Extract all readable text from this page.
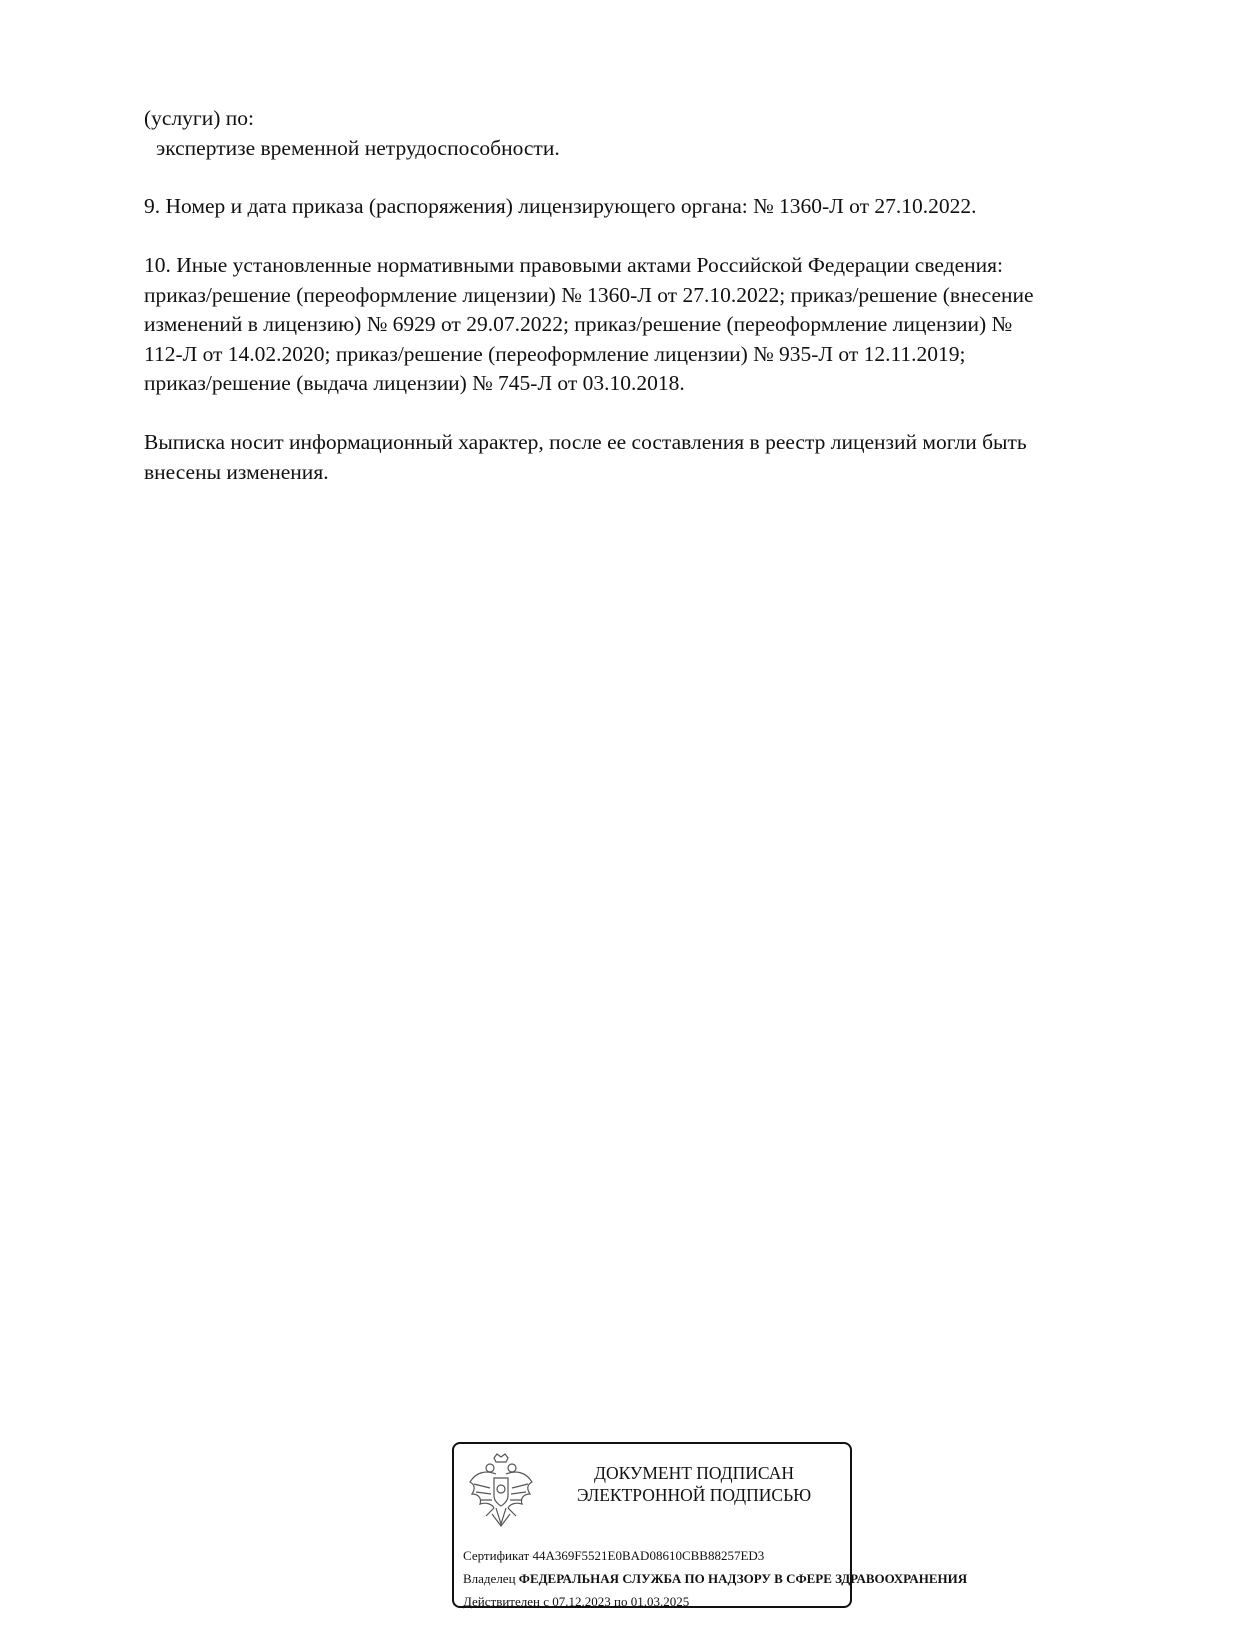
(услуги) по:
экспертизе временной нетрудоспособности.
9. Номер и дата приказа (распоряжения) лицензирующего органа: № 1360-Л от 27.10.2022.
10. Иные установленные нормативными правовыми актами Российской Федерации сведения:
приказ/решение (переоформление лицензии) № 1360-Л от 27.10.2022; приказ/решение (внесение
изменений в лицензию) № 6929 от 29.07.2022; приказ/решение (переоформление лицензии) №
112-Л от 14.02.2020; приказ/решение (переоформление лицензии) № 935-Л от 12.11.2019;
приказ/решение (выдача лицензии) № 745-Л от 03.10.2018.
Выписка носит информационный характер, после ее составления в реестр лицензий могли быть
внесены изменения.
ДОКУМЕНТ ПОДПИСАН
ЭЛЕКТРОННОЙ ПОДПИСЬЮ
Сертификат 44A369F5521E0BAD08610CBB88257ED3
Владелец ФЕДЕРАЛЬНАЯ СЛУЖБА ПО НАДЗОРУ В СФЕРЕ ЗДРАВООХРАНЕНИЯ
Действителен с 07.12.2023 по 01.03.2025
